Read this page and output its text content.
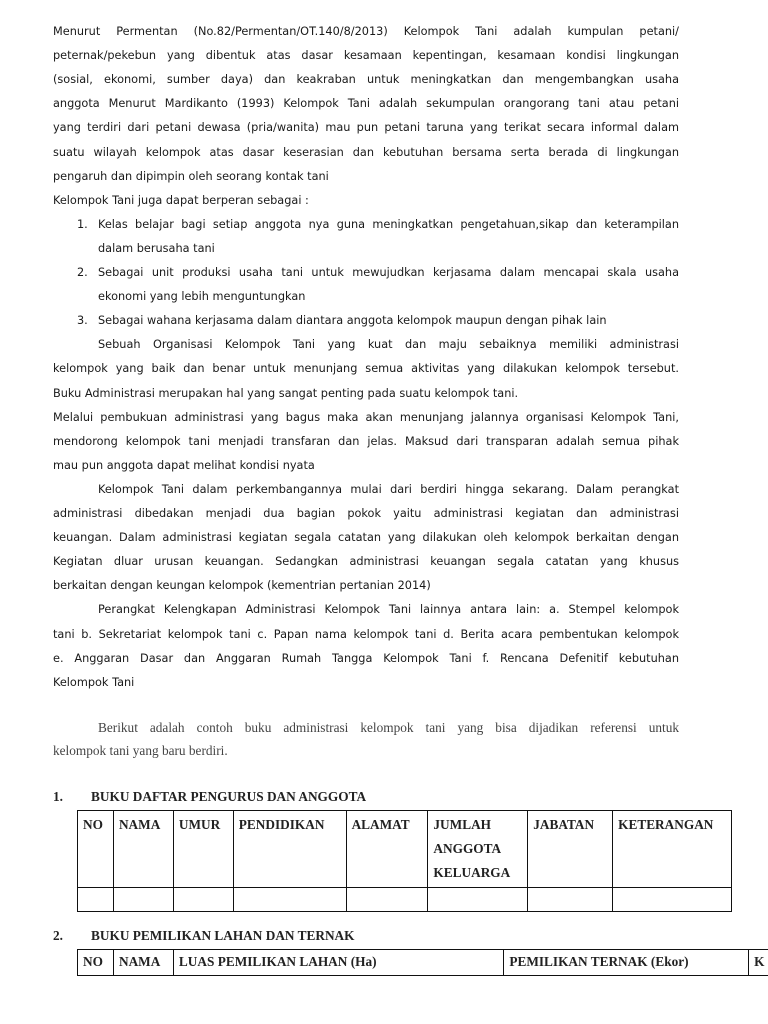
Menurut Permentan (No.82/Permentan/OT.140/8/2013) Kelompok Tani adalah kumpulan petani/
peternak/pekebun yang dibentuk atas dasar kesamaan kepentingan, kesamaan kondisi lingkungan
(sosial, ekonomi, sumber daya) dan keakraban untuk meningkatkan dan mengembangkan usaha
anggota Menurut Mardikanto (1993) Kelompok Tani adalah sekumpulan orangorang tani atau petani
yang terdiri dari petani dewasa (pria/wanita) mau pun petani taruna yang terikat secara informal dalam
suatu wilayah kelompok atas dasar keserasian dan kebutuhan bersama serta berada di lingkungan
pengaruh dan dipimpin oleh seorang kontak tani
Kelompok Tani juga dapat berperan sebagai :
1. Kelas belajar bagi setiap anggota nya guna meningkatkan pengetahuan,sikap dan keterampilan
dalam berusaha tani
2. Sebagai unit produksi usaha tani untuk mewujudkan kerjasama dalam mencapai skala usaha
ekonomi yang lebih menguntungkan
3. Sebagai wahana kerjasama dalam diantara anggota kelompok maupun dengan pihak lain
Sebuah Organisasi Kelompok Tani yang kuat dan maju sebaiknya memiliki administrasi
kelompok yang baik dan benar untuk menunjang semua aktivitas yang dilakukan kelompok tersebut.
Buku Administrasi merupakan hal yang sangat penting pada suatu kelompok tani.
Melalui pembukuan administrasi yang bagus maka akan menunjang jalannya organisasi Kelompok Tani,
mendorong kelompok tani menjadi transfaran dan jelas. Maksud dari transparan adalah semua pihak
mau pun anggota dapat melihat kondisi nyata
Kelompok Tani dalam perkembangannya mulai dari berdiri hingga sekarang. Dalam perangkat
administrasi dibedakan menjadi dua bagian pokok yaitu administrasi kegiatan dan administrasi
keuangan. Dalam administrasi kegiatan segala catatan yang dilakukan oleh kelompok berkaitan dengan
Kegiatan dluar urusan keuangan. Sedangkan administrasi keuangan segala catatan yang khusus
berkaitan dengan keungan kelompok (kementrian pertanian 2014)
Perangkat Kelengkapan Administrasi Kelompok Tani lainnya antara lain: a. Stempel kelompok
tani b. Sekretariat kelompok tani c. Papan nama kelompok tani d. Berita acara pembentukan kelompok
e. Anggaran Dasar dan Anggaran Rumah Tangga Kelompok Tani f. Rencana Defenitif kebutuhan
Kelompok Tani
Berikut adalah contoh buku administrasi kelompok tani yang bisa dijadikan referensi untuk
kelompok tani yang baru berdiri.
1. BUKU DAFTAR PENGURUS DAN ANGGOTA
NO	NAMA	UMUR	PENDIDIKAN	ALAMAT	JUMLAH
ANGGOTA
KELUARGA	JABATAN	KETERANGAN

2. BUKU PEMILIKAN LAHAN DAN TERNAK
NO	NAMA	LUAS PEMILIKAN LAHAN (Ha)	PEMILIKAN TERNAK (Ekor)	K
